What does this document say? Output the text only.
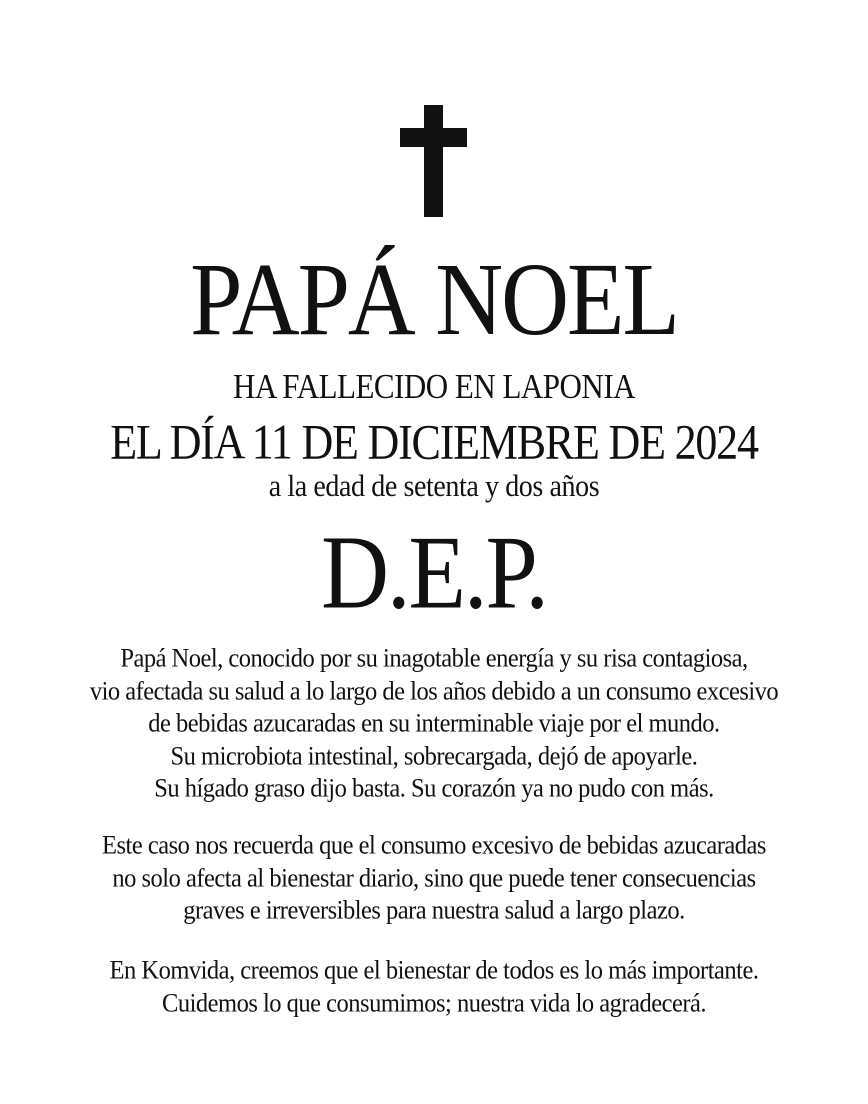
PAPÁ NOEL
HA FALLECIDO EN LAPONIA
EL DÍA 11 DE DICIEMBRE DE 2024
a la edad de setenta y dos años
D.E.P.
Papá Noel, conocido por su inagotable energía y su risa contagiosa,
vio afectada su salud a lo largo de los años debido a un consumo excesivo
de bebidas azucaradas en su interminable viaje por el mundo.
Su microbiota intestinal, sobrecargada, dejó de apoyarle.
Su hígado graso dijo basta. Su corazón ya no pudo con más.
Este caso nos recuerda que el consumo excesivo de bebidas azucaradas
no solo afecta al bienestar diario, sino que puede tener consecuencias
graves e irreversibles para nuestra salud a largo plazo.
En Komvida, creemos que el bienestar de todos es lo más importante.
Cuidemos lo que consumimos; nuestra vida lo agradecerá.
